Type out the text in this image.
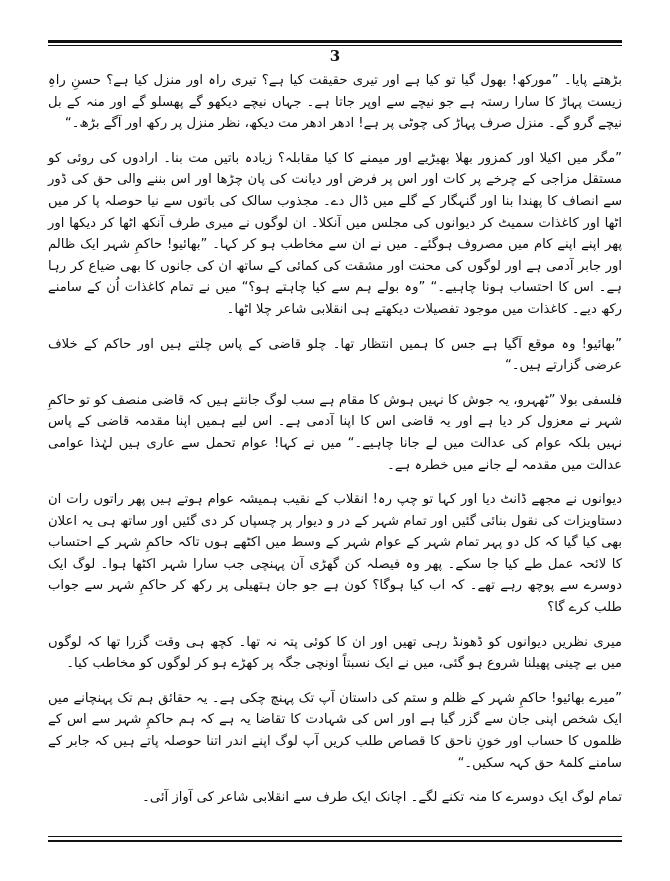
3

بڑھتے پایا۔ ”مورکھ! بھول گیا تو کیا ہے اور تیری حقیقت کیا ہے؟ تیری راہ اور منزل کیا ہے؟ حسنِ راہِ زیست پہاڑ کا سارا رستہ ہے جو نیچے سے اوپر جاتا ہے۔ جہاں نیچے دیکھو گے پھسلو گے اور منہ کے بل نیچے گرو گے۔ منزل صرف پہاڑ کی چوٹی پر ہے! ادھر ادھر مت دیکھ، نظر منزل پر رکھ اور آگے بڑھ۔“

”مگر میں اکیلا اور کمزور بھلا بھیڑیے اور میمنے کا کیا مقابلہ؟ زیادہ باتیں مت بنا۔ ارادوں کی روئی کو مستقل مزاجی کے چرخے پر کات اور اس پر فرض اور دیانت کی پان چڑھا اور اس بننے والی حق کی ڈور سے انصاف کا پھندا بنا اور گنہگار کے گلے میں ڈال دے۔ مجذوب سالک کی باتوں سے نیا حوصلہ پا کر میں اٹھا اور کاغذات سمیٹ کر دیوانوں کی مجلس میں آنکلا۔ ان لوگوں نے میری طرف آنکھ اٹھا کر دیکھا اور پھر اپنے اپنے کام میں مصروف ہوگئے۔ میں نے ان سے مخاطب ہو کر کہا۔ ”بھائیو! حاکمِ شہر ایک ظالم اور جابر آدمی ہے اور لوگوں کی محنت اور مشقت کی کمائی کے ساتھ ان کی جانوں کا بھی ضیاع کر رہا ہے۔ اس کا احتساب ہونا چاہیے۔“ ”وہ بولے ہم سے کیا چاہتے ہو؟“ میں نے تمام کاغذات اُن کے سامنے رکھ دیے۔ کاغذات میں موجود تفصیلات دیکھتے ہی انقلابی شاعر چلا اٹھا۔

”بھائیو! وہ موقع آگیا ہے جس کا ہمیں انتظار تھا۔ چلو قاضی کے پاس چلتے ہیں اور حاکم کے خلاف عرضی گزارتے ہیں۔“

فلسفی بولا ”ٹھہرو، یہ جوش کا نہیں ہوش کا مقام ہے سب لوگ جانتے ہیں کہ قاضی منصف کو تو حاکمِ شہر نے معزول کر دیا ہے اور یہ قاضی اس کا اپنا آدمی ہے۔ اس لیے ہمیں اپنا مقدمہ قاضی کے پاس نہیں بلکہ عوام کی عدالت میں لے جانا چاہیے۔“ میں نے کہا! عوام تحمل سے عاری ہیں لہٰذا عوامی عدالت میں مقدمہ لے جانے میں خطرہ ہے۔

دیوانوں نے مجھے ڈانٹ دیا اور کہا تو چپ رہ! انقلاب کے نقیب ہمیشہ عوام ہوتے ہیں پھر راتوں رات ان دستاویزات کی نقول بنائی گئیں اور تمام شہر کے در و دیوار پر چسپاں کر دی گئیں اور ساتھ ہی یہ اعلان بھی کیا گیا کہ کل دو پہر تمام شہر کے عوام شہر کے وسط میں اکٹھے ہوں تاکہ حاکمِ شہر کے احتساب کا لائحہ عمل طے کیا جا سکے۔ پھر وہ فیصلہ کن گھڑی آن پہنچی جب سارا شہر اکٹھا ہوا۔ لوگ ایک دوسرے سے پوچھ رہے تھے۔ کہ اب کیا ہوگا؟ کون ہے جو جان ہتھیلی پر رکھ کر حاکمِ شہر سے جواب طلب کرے گا؟

میری نظریں دیوانوں کو ڈھونڈ رہی تھیں اور ان کا کوئی پتہ نہ تھا۔ کچھ ہی وقت گزرا تھا کہ لوگوں میں بے چینی پھیلنا شروع ہو گئی، میں نے ایک نسبتاً اونچی جگہ پر کھڑے ہو کر لوگوں کو مخاطب کیا۔

”میرے بھائیو! حاکمِ شہر کے ظلم و ستم کی داستان آپ تک پہنچ چکی ہے۔ یہ حقائق ہم تک پہنچانے میں ایک شخص اپنی جان سے گزر گیا ہے اور اس کی شہادت کا تقاضا یہ ہے کہ ہم حاکمِ شہر سے اس کے ظلموں کا حساب اور خونِ ناحق کا قصاص طلب کریں آپ لوگ اپنے اندر اتنا حوصلہ پاتے ہیں کہ جابر کے سامنے کلمۂ حق کہہ سکیں۔“

تمام لوگ ایک دوسرے کا منہ تکنے لگے۔ اچانک ایک طرف سے انقلابی شاعر کی آواز آئی۔
